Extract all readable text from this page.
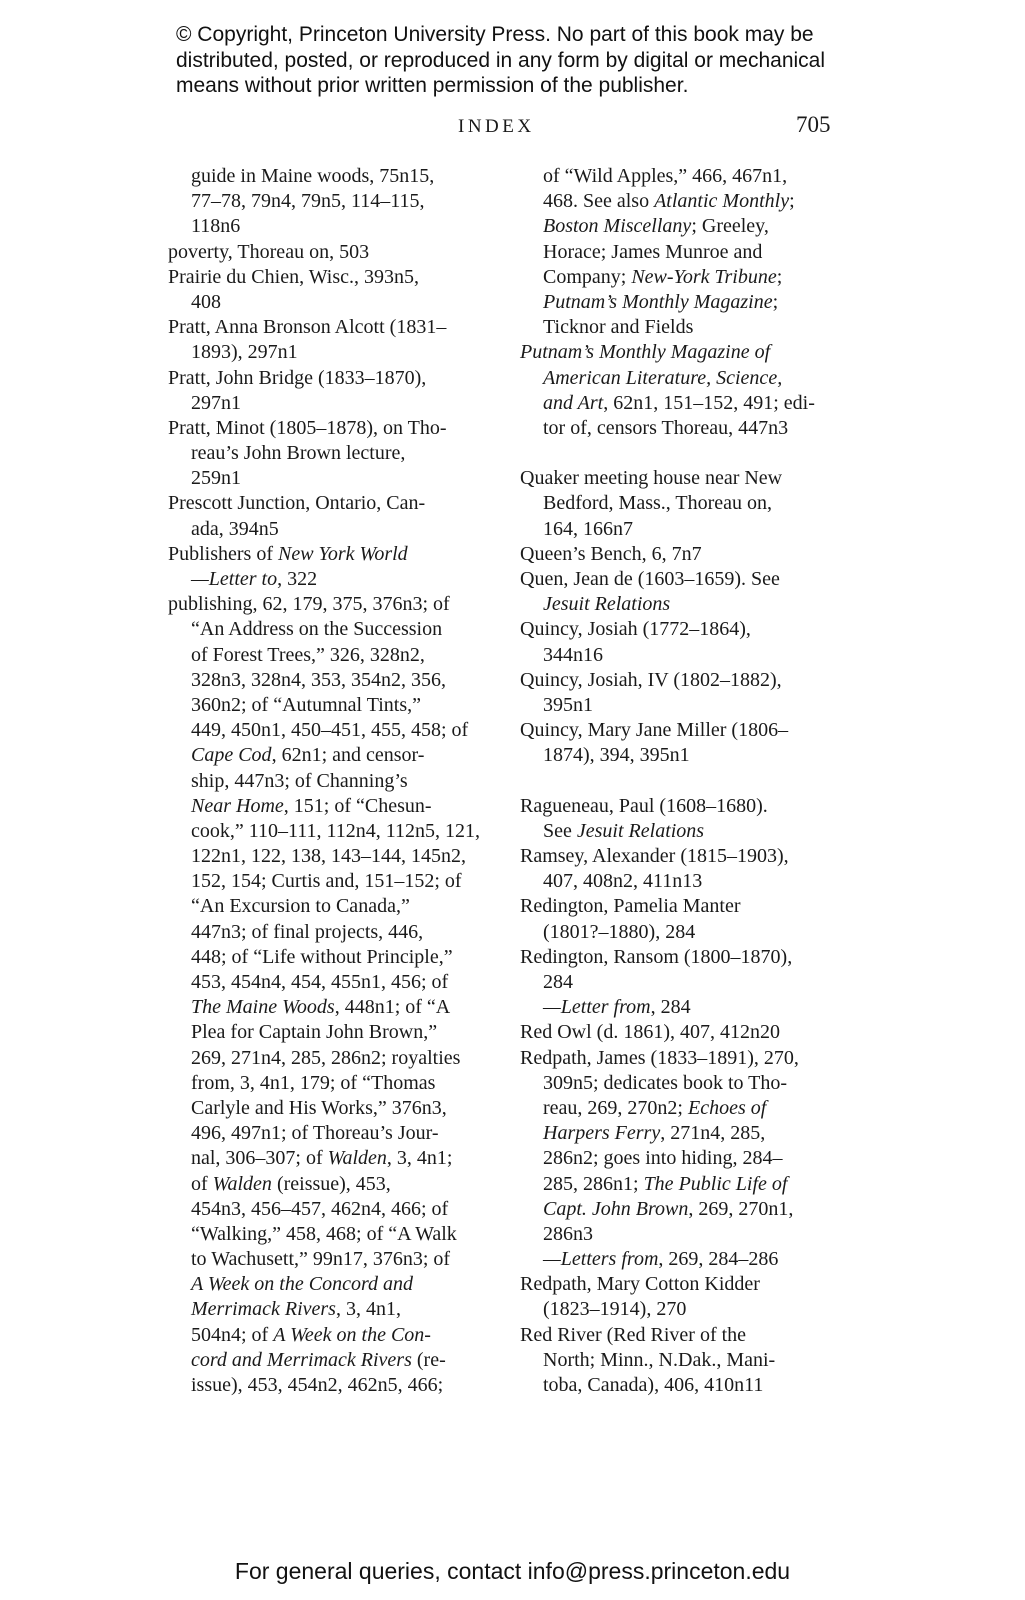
© Copyright, Princeton University Press. No part of this book may be
distributed, posted, or reproduced in any form by digital or mechanical
means without prior written permission of the publisher.
INDEX	705
guide in Maine woods, 75n15,
77–78, 79n4, 79n5, 114–115,
118n6
poverty, Thoreau on, 503
Prairie du Chien, Wisc., 393n5,
408
Pratt, Anna Bronson Alcott (1831–
1893), 297n1
Pratt, John Bridge (1833–1870),
297n1
Pratt, Minot (1805–1878), on Tho-
reau’s John Brown lecture,
259n1
Prescott Junction, Ontario, Can-
ada, 394n5
Publishers of New York World
—Letter to, 322
publishing, 62, 179, 375, 376n3; of
“An Address on the Succession
of Forest Trees,” 326, 328n2,
328n3, 328n4, 353, 354n2, 356,
360n2; of “Autumnal Tints,”
449, 450n1, 450–451, 455, 458; of
Cape Cod, 62n1; and censor-
ship, 447n3; of Channing’s
Near Home, 151; of “Chesun-
cook,” 110–111, 112n4, 112n5, 121,
122n1, 122, 138, 143–144, 145n2,
152, 154; Curtis and, 151–152; of
“An Excursion to Canada,”
447n3; of final projects, 446,
448; of “Life without Principle,”
453, 454n4, 454, 455n1, 456; of
The Maine Woods, 448n1; of “A
Plea for Captain John Brown,”
269, 271n4, 285, 286n2; royalties
from, 3, 4n1, 179; of “Thomas
Carlyle and His Works,” 376n3,
496, 497n1; of Thoreau’s Jour-
nal, 306–307; of Walden, 3, 4n1;
of Walden (reissue), 453,
454n3, 456–457, 462n4, 466; of
“Walking,” 458, 468; of “A Walk
to Wachusett,” 99n17, 376n3; of
A Week on the Concord and
Merrimack Rivers, 3, 4n1,
504n4; of A Week on the Con-
cord and Merrimack Rivers (re-
issue), 453, 454n2, 462n5, 466;
of “Wild Apples,” 466, 467n1,
468. See also Atlantic Monthly;
Boston Miscellany; Greeley,
Horace; James Munroe and
Company; New-York Tribune;
Putnam’s Monthly Magazine;
Ticknor and Fields
Putnam’s Monthly Magazine of
American Literature, Science,
and Art, 62n1, 151–152, 491; edi-
tor of, censors Thoreau, 447n3
Quaker meeting house near New
Bedford, Mass., Thoreau on,
164, 166n7
Queen’s Bench, 6, 7n7
Quen, Jean de (1603–1659). See
Jesuit Relations
Quincy, Josiah (1772–1864),
344n16
Quincy, Josiah, IV (1802–1882),
395n1
Quincy, Mary Jane Miller (1806–
1874), 394, 395n1
Ragueneau, Paul (1608–1680).
See Jesuit Relations
Ramsey, Alexander (1815–1903),
407, 408n2, 411n13
Redington, Pamelia Manter
(1801?–1880), 284
Redington, Ransom (1800–1870),
284
—Letter from, 284
Red Owl (d. 1861), 407, 412n20
Redpath, James (1833–1891), 270,
309n5; dedicates book to Tho-
reau, 269, 270n2; Echoes of
Harpers Ferry, 271n4, 285,
286n2; goes into hiding, 284–
285, 286n1; The Public Life of
Capt. John Brown, 269, 270n1,
286n3
—Letters from, 269, 284–286
Redpath, Mary Cotton Kidder
(1823–1914), 270
Red River (Red River of the
North; Minn., N.Dak., Mani-
toba, Canada), 406, 410n11
For general queries, contact info@press.princeton.edu
